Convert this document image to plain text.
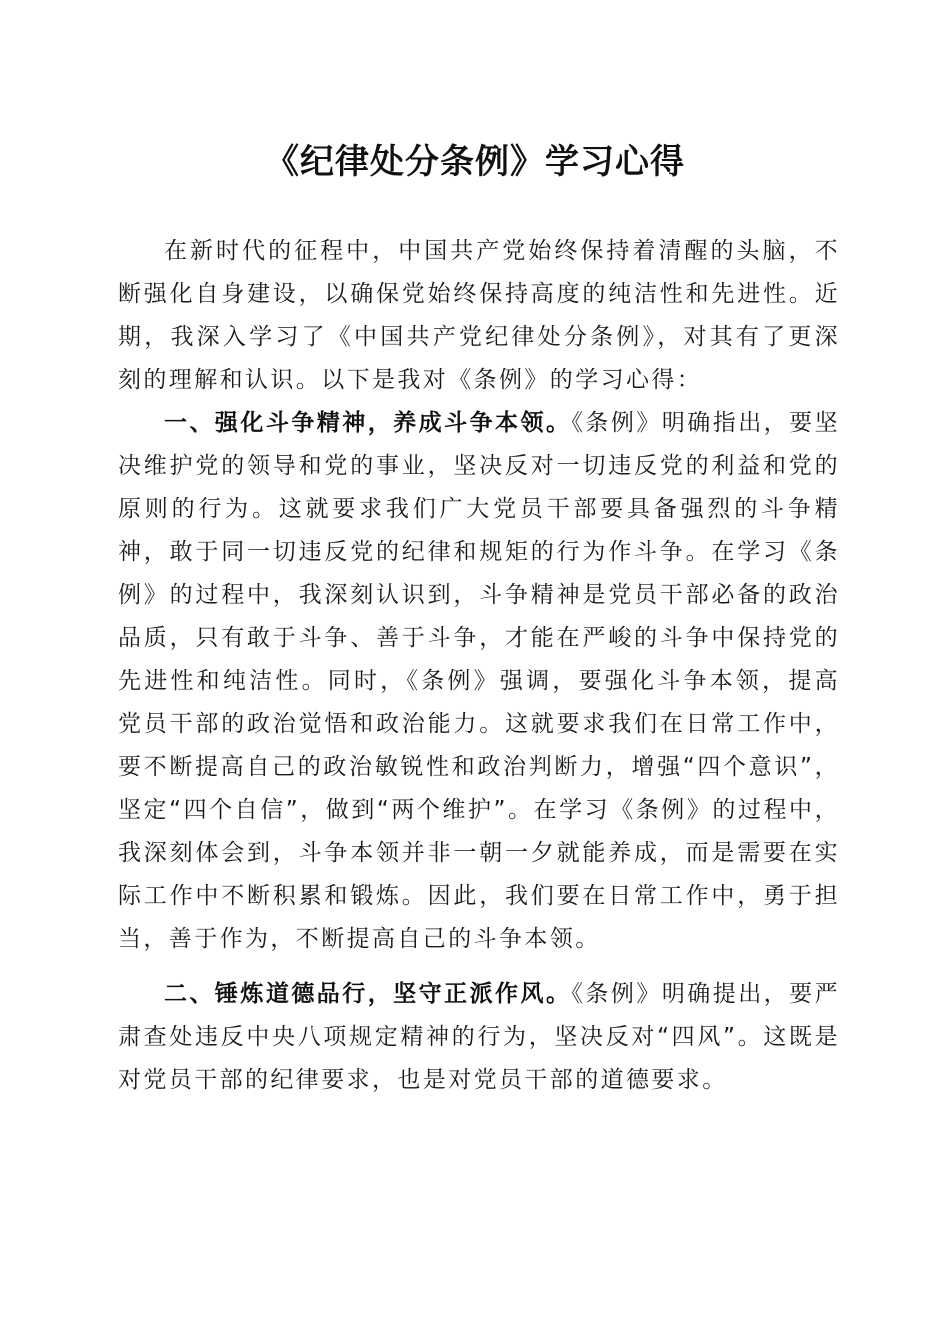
《纪律处分条例》学习心得

在新时代的征程中，中国共产党始终保持着清醒的头脑，不断强化自身建设，以确保党始终保持高度的纯洁性和先进性。近期，我深入学习了《中国共产党纪律处分条例》，对其有了更深刻的理解和认识。以下是我对《条例》的学习心得：

一、强化斗争精神，养成斗争本领。《条例》明确指出，要坚决维护党的领导和党的事业，坚决反对一切违反党的利益和党的原则的行为。这就要求我们广大党员干部要具备强烈的斗争精神，敢于同一切违反党的纪律和规矩的行为作斗争。在学习《条例》的过程中，我深刻认识到，斗争精神是党员干部必备的政治品质，只有敢于斗争、善于斗争，才能在严峻的斗争中保持党的先进性和纯洁性。同时，《条例》强调，要强化斗争本领，提高党员干部的政治觉悟和政治能力。这就要求我们在日常工作中，要不断提高自己的政治敏锐性和政治判断力，增强“四个意识”，坚定“四个自信”，做到“两个维护”。在学习《条例》的过程中，我深刻体会到，斗争本领并非一朝一夕就能养成，而是需要在实际工作中不断积累和锻炼。因此，我们要在日常工作中，勇于担当，善于作为，不断提高自己的斗争本领。

二、锤炼道德品行，坚守正派作风。《条例》明确提出，要严肃查处违反中央八项规定精神的行为，坚决反对“四风”。这既是对党员干部的纪律要求，也是对党员干部的道德要求。
